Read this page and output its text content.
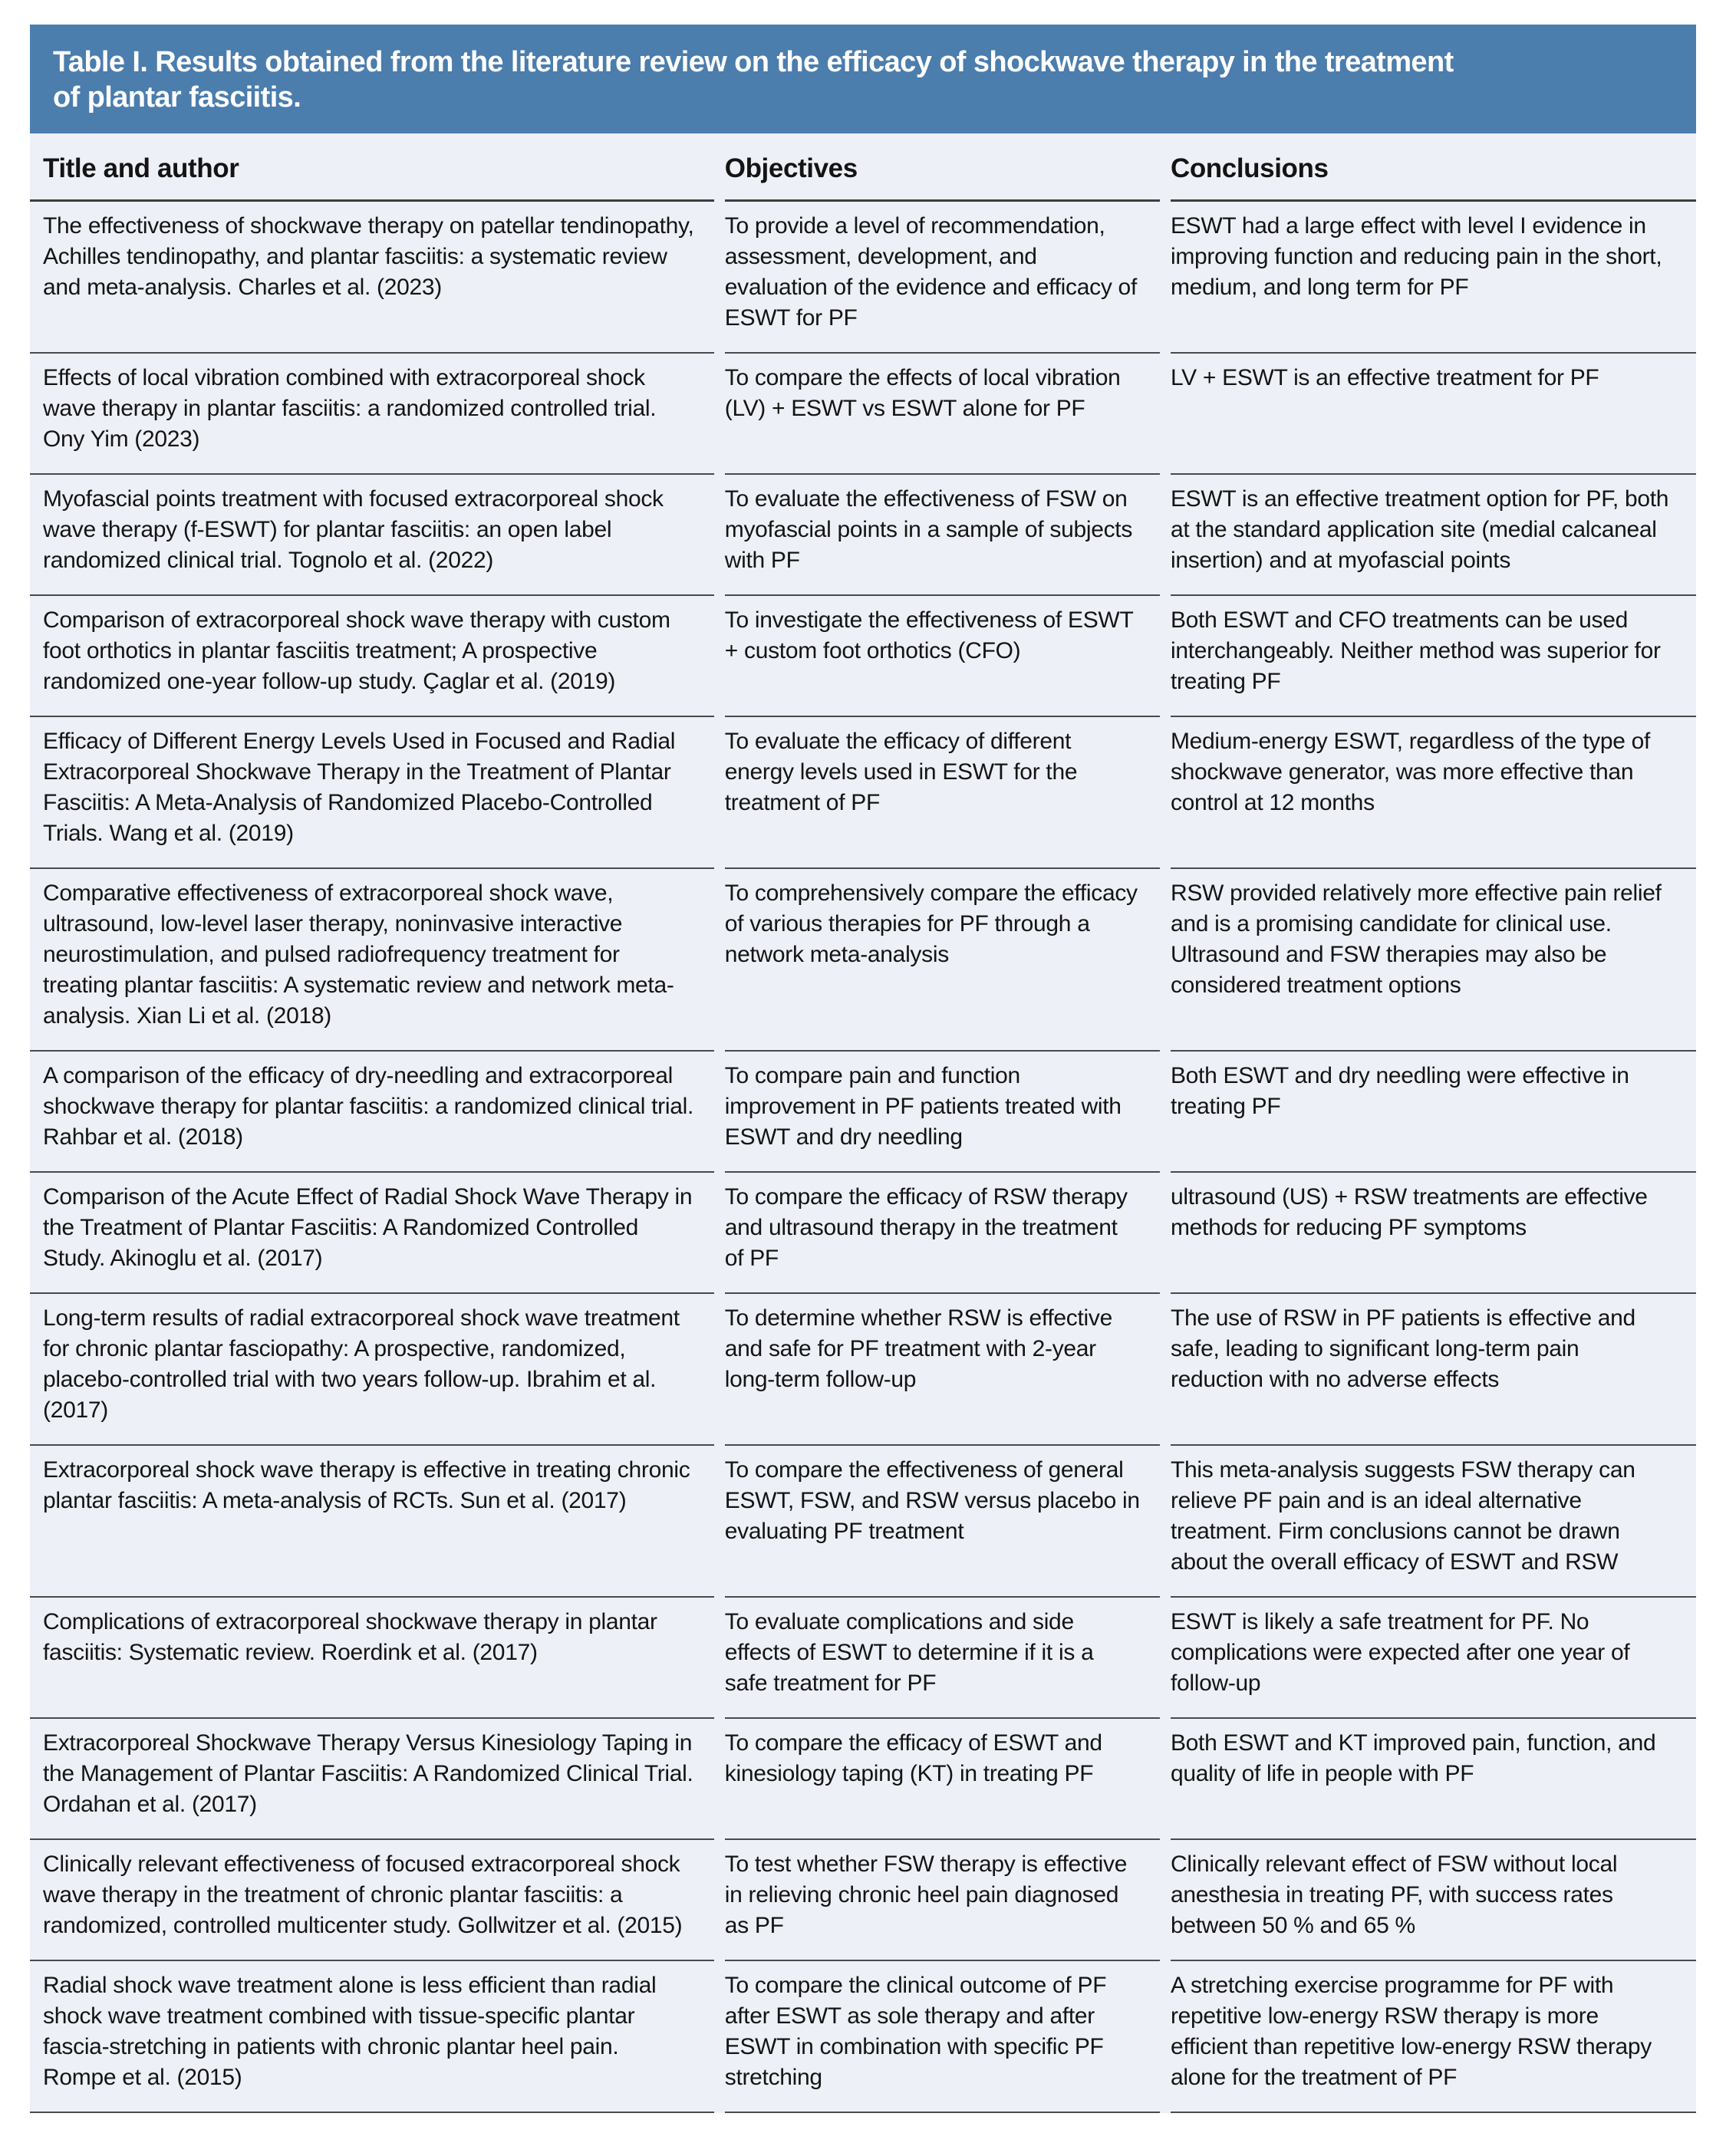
Table I. Results obtained from the literature review on the efficacy of shockwave therapy in the treatment
of plantar fasciitis.
Title and author	Objectives	Conclusions
The effectiveness of shockwave therapy on patellar tendinopathy, Achilles tendinopathy, and plantar fasciitis: a systematic review and meta-analysis. Charles et al. (2023)
To provide a level of recommendation, assessment, development, and evaluation of the evidence and efficacy of ESWT for PF
ESWT had a large effect with level I evidence in improving function and reducing pain in the short, medium, and long term for PF
Effects of local vibration combined with extracorporeal shock wave therapy in plantar fasciitis: a randomized controlled trial. Ony Yim (2023)
To compare the effects of local vibration (LV) + ESWT vs ESWT alone for PF
LV + ESWT is an effective treatment for PF
Myofascial points treatment with focused extracorporeal shock wave therapy (f-ESWT) for plantar fasciitis: an open label randomized clinical trial. Tognolo et al. (2022)
To evaluate the effectiveness of FSW on myofascial points in a sample of subjects with PF
ESWT is an effective treatment option for PF, both at the standard application site (medial calcaneal insertion) and at myofascial points
Comparison of extracorporeal shock wave therapy with custom foot orthotics in plantar fasciitis treatment; A prospective randomized one-year follow-up study. Çaglar et al. (2019)
To investigate the effectiveness of ESWT + custom foot orthotics (CFO)
Both ESWT and CFO treatments can be used interchangeably. Neither method was superior for treating PF
Efficacy of Different Energy Levels Used in Focused and Radial Extracorporeal Shockwave Therapy in the Treatment of Plantar Fasciitis: A Meta-Analysis of Randomized Placebo-Controlled Trials. Wang et al. (2019)
To evaluate the efficacy of different energy levels used in ESWT for the treatment of PF
Medium-energy ESWT, regardless of the type of shockwave generator, was more effective than control at 12 months
Comparative effectiveness of extracorporeal shock wave, ultrasound, low-level laser therapy, noninvasive interactive neurostimulation, and pulsed radiofrequency treatment for treating plantar fasciitis: A systematic review and network meta-analysis. Xian Li et al. (2018)
To comprehensively compare the efficacy of various therapies for PF through a network meta-analysis
RSW provided relatively more effective pain relief and is a promising candidate for clinical use. Ultrasound and FSW therapies may also be considered treatment options
A comparison of the efficacy of dry-needling and extracorporeal shockwave therapy for plantar fasciitis: a randomized clinical trial. Rahbar et al. (2018)
To compare pain and function improvement in PF patients treated with ESWT and dry needling
Both ESWT and dry needling were effective in treating PF
Comparison of the Acute Effect of Radial Shock Wave Therapy in the Treatment of Plantar Fasciitis: A Randomized Controlled Study. Akinoglu et al. (2017)
To compare the efficacy of RSW therapy and ultrasound therapy in the treatment of PF
ultrasound (US) + RSW treatments are effective methods for reducing PF symptoms
Long-term results of radial extracorporeal shock wave treatment for chronic plantar fasciopathy: A prospective, randomized, placebo-controlled trial with two years follow-up. Ibrahim et al. (2017)
To determine whether RSW is effective and safe for PF treatment with 2-year long-term follow-up
The use of RSW in PF patients is effective and safe, leading to significant long-term pain reduction with no adverse effects
Extracorporeal shock wave therapy is effective in treating chronic plantar fasciitis: A meta-analysis of RCTs. Sun et al. (2017)
To compare the effectiveness of general ESWT, FSW, and RSW versus placebo in evaluating PF treatment
This meta-analysis suggests FSW therapy can relieve PF pain and is an ideal alternative treatment. Firm conclusions cannot be drawn about the overall efficacy of ESWT and RSW
Complications of extracorporeal shockwave therapy in plantar fasciitis: Systematic review. Roerdink et al. (2017)
To evaluate complications and side effects of ESWT to determine if it is a safe treatment for PF
ESWT is likely a safe treatment for PF. No complications were expected after one year of follow-up
Extracorporeal Shockwave Therapy Versus Kinesiology Taping in the Management of Plantar Fasciitis: A Randomized Clinical Trial. Ordahan et al. (2017)
To compare the efficacy of ESWT and kinesiology taping (KT) in treating PF
Both ESWT and KT improved pain, function, and quality of life in people with PF
Clinically relevant effectiveness of focused extracorporeal shock wave therapy in the treatment of chronic plantar fasciitis: a randomized, controlled multicenter study. Gollwitzer et al. (2015)
To test whether FSW therapy is effective in relieving chronic heel pain diagnosed as PF
Clinically relevant effect of FSW without local anesthesia in treating PF, with success rates between 50 % and 65 %
Radial shock wave treatment alone is less efficient than radial shock wave treatment combined with tissue-specific plantar fascia-stretching in patients with chronic plantar heel pain. Rompe et al. (2015)
To compare the clinical outcome of PF after ESWT as sole therapy and after ESWT in combination with specific PF stretching
A stretching exercise programme for PF with repetitive low-energy RSW therapy is more efficient than repetitive low-energy RSW therapy alone for the treatment of PF
